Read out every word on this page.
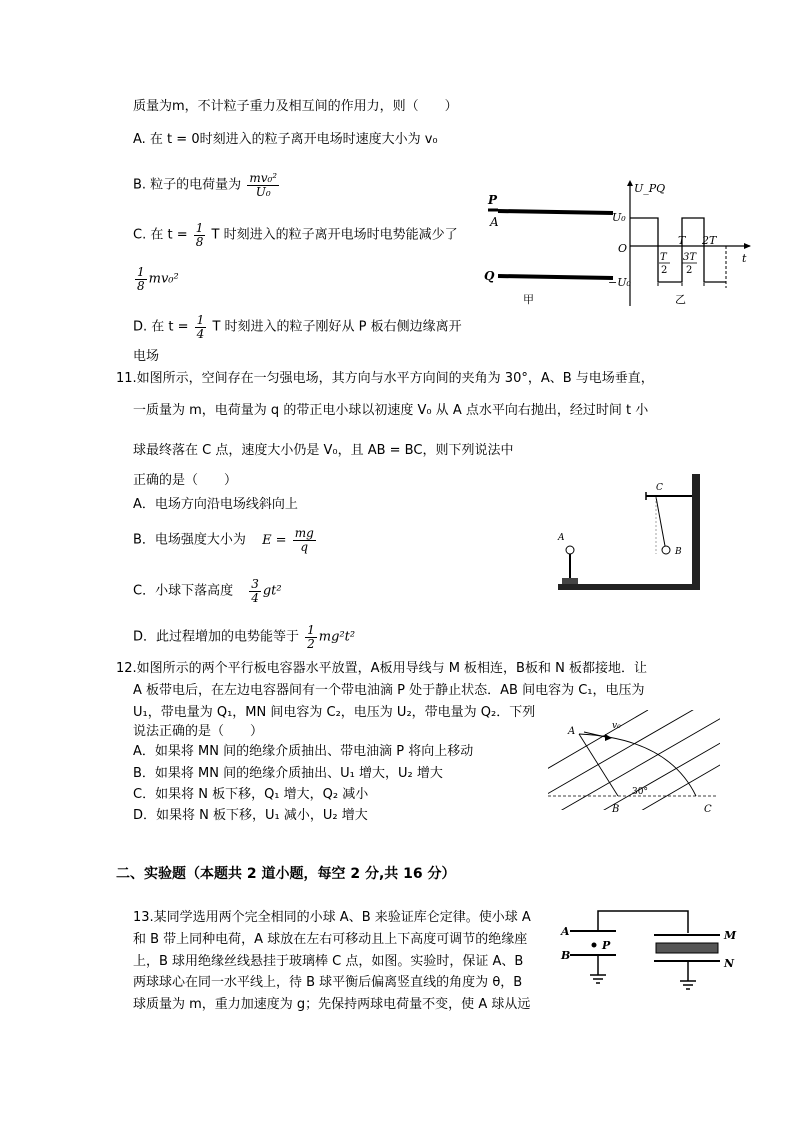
质量为m，不计粒子重力及相互间的作用力，则（　　）
A. 在 t = 0时刻进入的粒子离开电场时速度大小为 v₀
B. 粒子的电荷量为 $\frac{\text{mv₀²}}{\text{U₀}}$
C. 在 $t = \frac{1}{8}$ T 时刻进入的粒子离开电场时电势能减少了
$\frac{1}{8} mv_0^2$
D. 在 $t = \frac{1}{4}$ T 时刻进入的粒子刚好从 P 板右侧边缘离开
电场
P
A
Q
甲
U_PQ
U₀
−U₀
O
T 2T
t
T
2
3T
2
乙
11.如图所示，空间存在一匀强电场，其方向与水平方向间的夹角为 30°，A、B 与电场垂直，
一质量为 m，电荷量为 q 的带正电小球以初速度 V₀ 从 A 点水平向右抛出，经过时间 t 小
球最终落在 C 点，速度大小仍是 V₀，且 AB = BC，则下列说法中
正确的是（　　）
A．电场方向沿电场线斜向上
B．电场强度大小为 $E = \frac{mg}{q}$
C．小球下落高度 $\frac{3}{4} gt^2$
D．此过程增加的电势能等于 $\frac{1}{2} mg^2t^2$
C
B
A
12.如图所示的两个平行板电容器水平放置，A板用导线与 M 板相连，B板和 N 板都接地．让
A 板带电后，在左边电容器间有一个带电油滴 P 处于静止状态．AB 间电容为 C₁，电压为
U₁，带电量为 Q₁，MN 间电容为 C₂，电压为 U₂，带电量为 Q₂．下列
说法正确的是（　　）
A．如果将 MN 间的绝缘介质抽出、带电油滴 P 将向上移动
B．如果将 MN 间的绝缘介质抽出、U₁ 增大，U₂ 增大
C．如果将 N 板下移，Q₁ 增大，Q₂ 减小
D．如果将 N 板下移，U₁ 减小，U₂ 增大
A	v₀
30°
B	C
二、实验题（本题共 2 道小题，每空 2 分,共 16 分）
13.某同学选用两个完全相同的小球 A、B 来验证库仑定律。使小球 A
和 B 带上同种电荷，A 球放在左右可移动且上下高度可调节的绝缘座
上，B 球用绝缘丝线悬挂于玻璃棒 C 点，如图。实验时，保证 A、B
两球球心在同一水平线上，待 B 球平衡后偏离竖直线的角度为 θ，B
球质量为 m，重力加速度为 g；先保持两球电荷量不变，使 A 球从远
A
B
P
M
N
